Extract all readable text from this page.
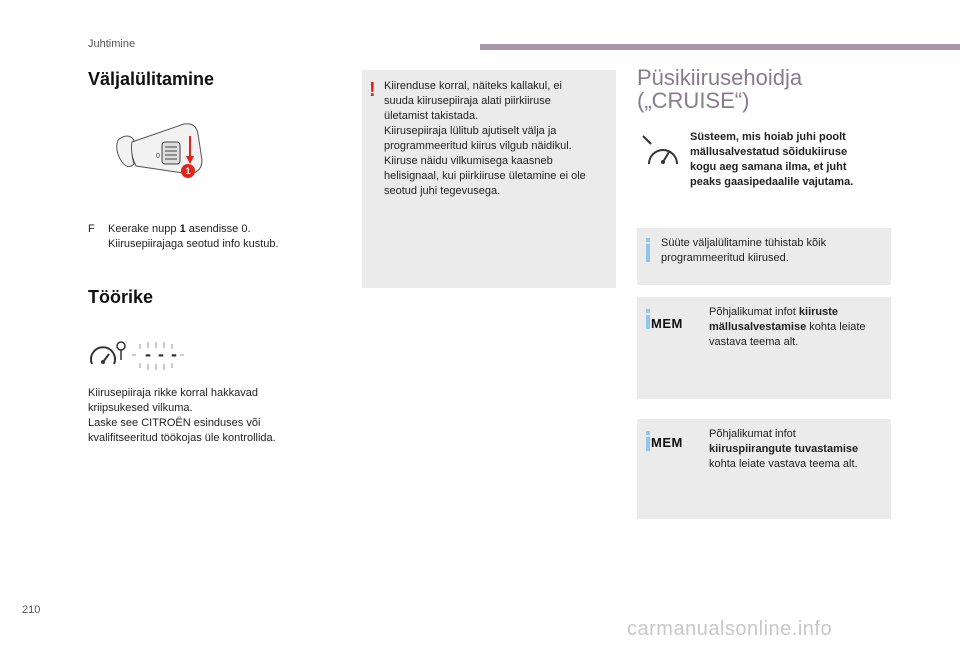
Juhtimine
Väljalülitamine
0
1
F	Keerake nupp 1 asendisse 0.
Kiirusepiirajaga seotud info kustub.
Töörike
- - -
Kiirusepiiraja rikke korral hakkavad
kriipsukesed vilkuma.
Laske see CITROËN esinduses või
kvalifitseeritud töökojas üle kontrollida.
! Kiirenduse korral, näiteks kallakul, ei
suuda kiirusepiiraja alati piirkiiruse
ületamist takistada.
Kiirusepiiraja lülitub ajutiselt välja ja
programmeeritud kiirus vilgub näidikul.
Kiiruse näidu vilkumisega kaasneb
helisignaal, kui piirkiiruse ületamine ei ole
seotud juhi tegevusega.
Püsikiirusehoidja
(„CRUISE“)
Süsteem, mis hoiab juhi poolt
mällusalvestatud sõidukiiruse
kogu aeg samana ilma, et juht
peaks gaasipedaalile vajutama.
Süüte väljalülitamine tühistab kõik
programmeeritud kiirused.
MEM
Põhjalikumat infot kiiruste
mällusalvestamise kohta leiate
vastava teema alt.
MEM
Põhjalikumat infot
kiiruspiirangute tuvastamise
kohta leiate vastava teema alt.
210
carmanualsonline.info
